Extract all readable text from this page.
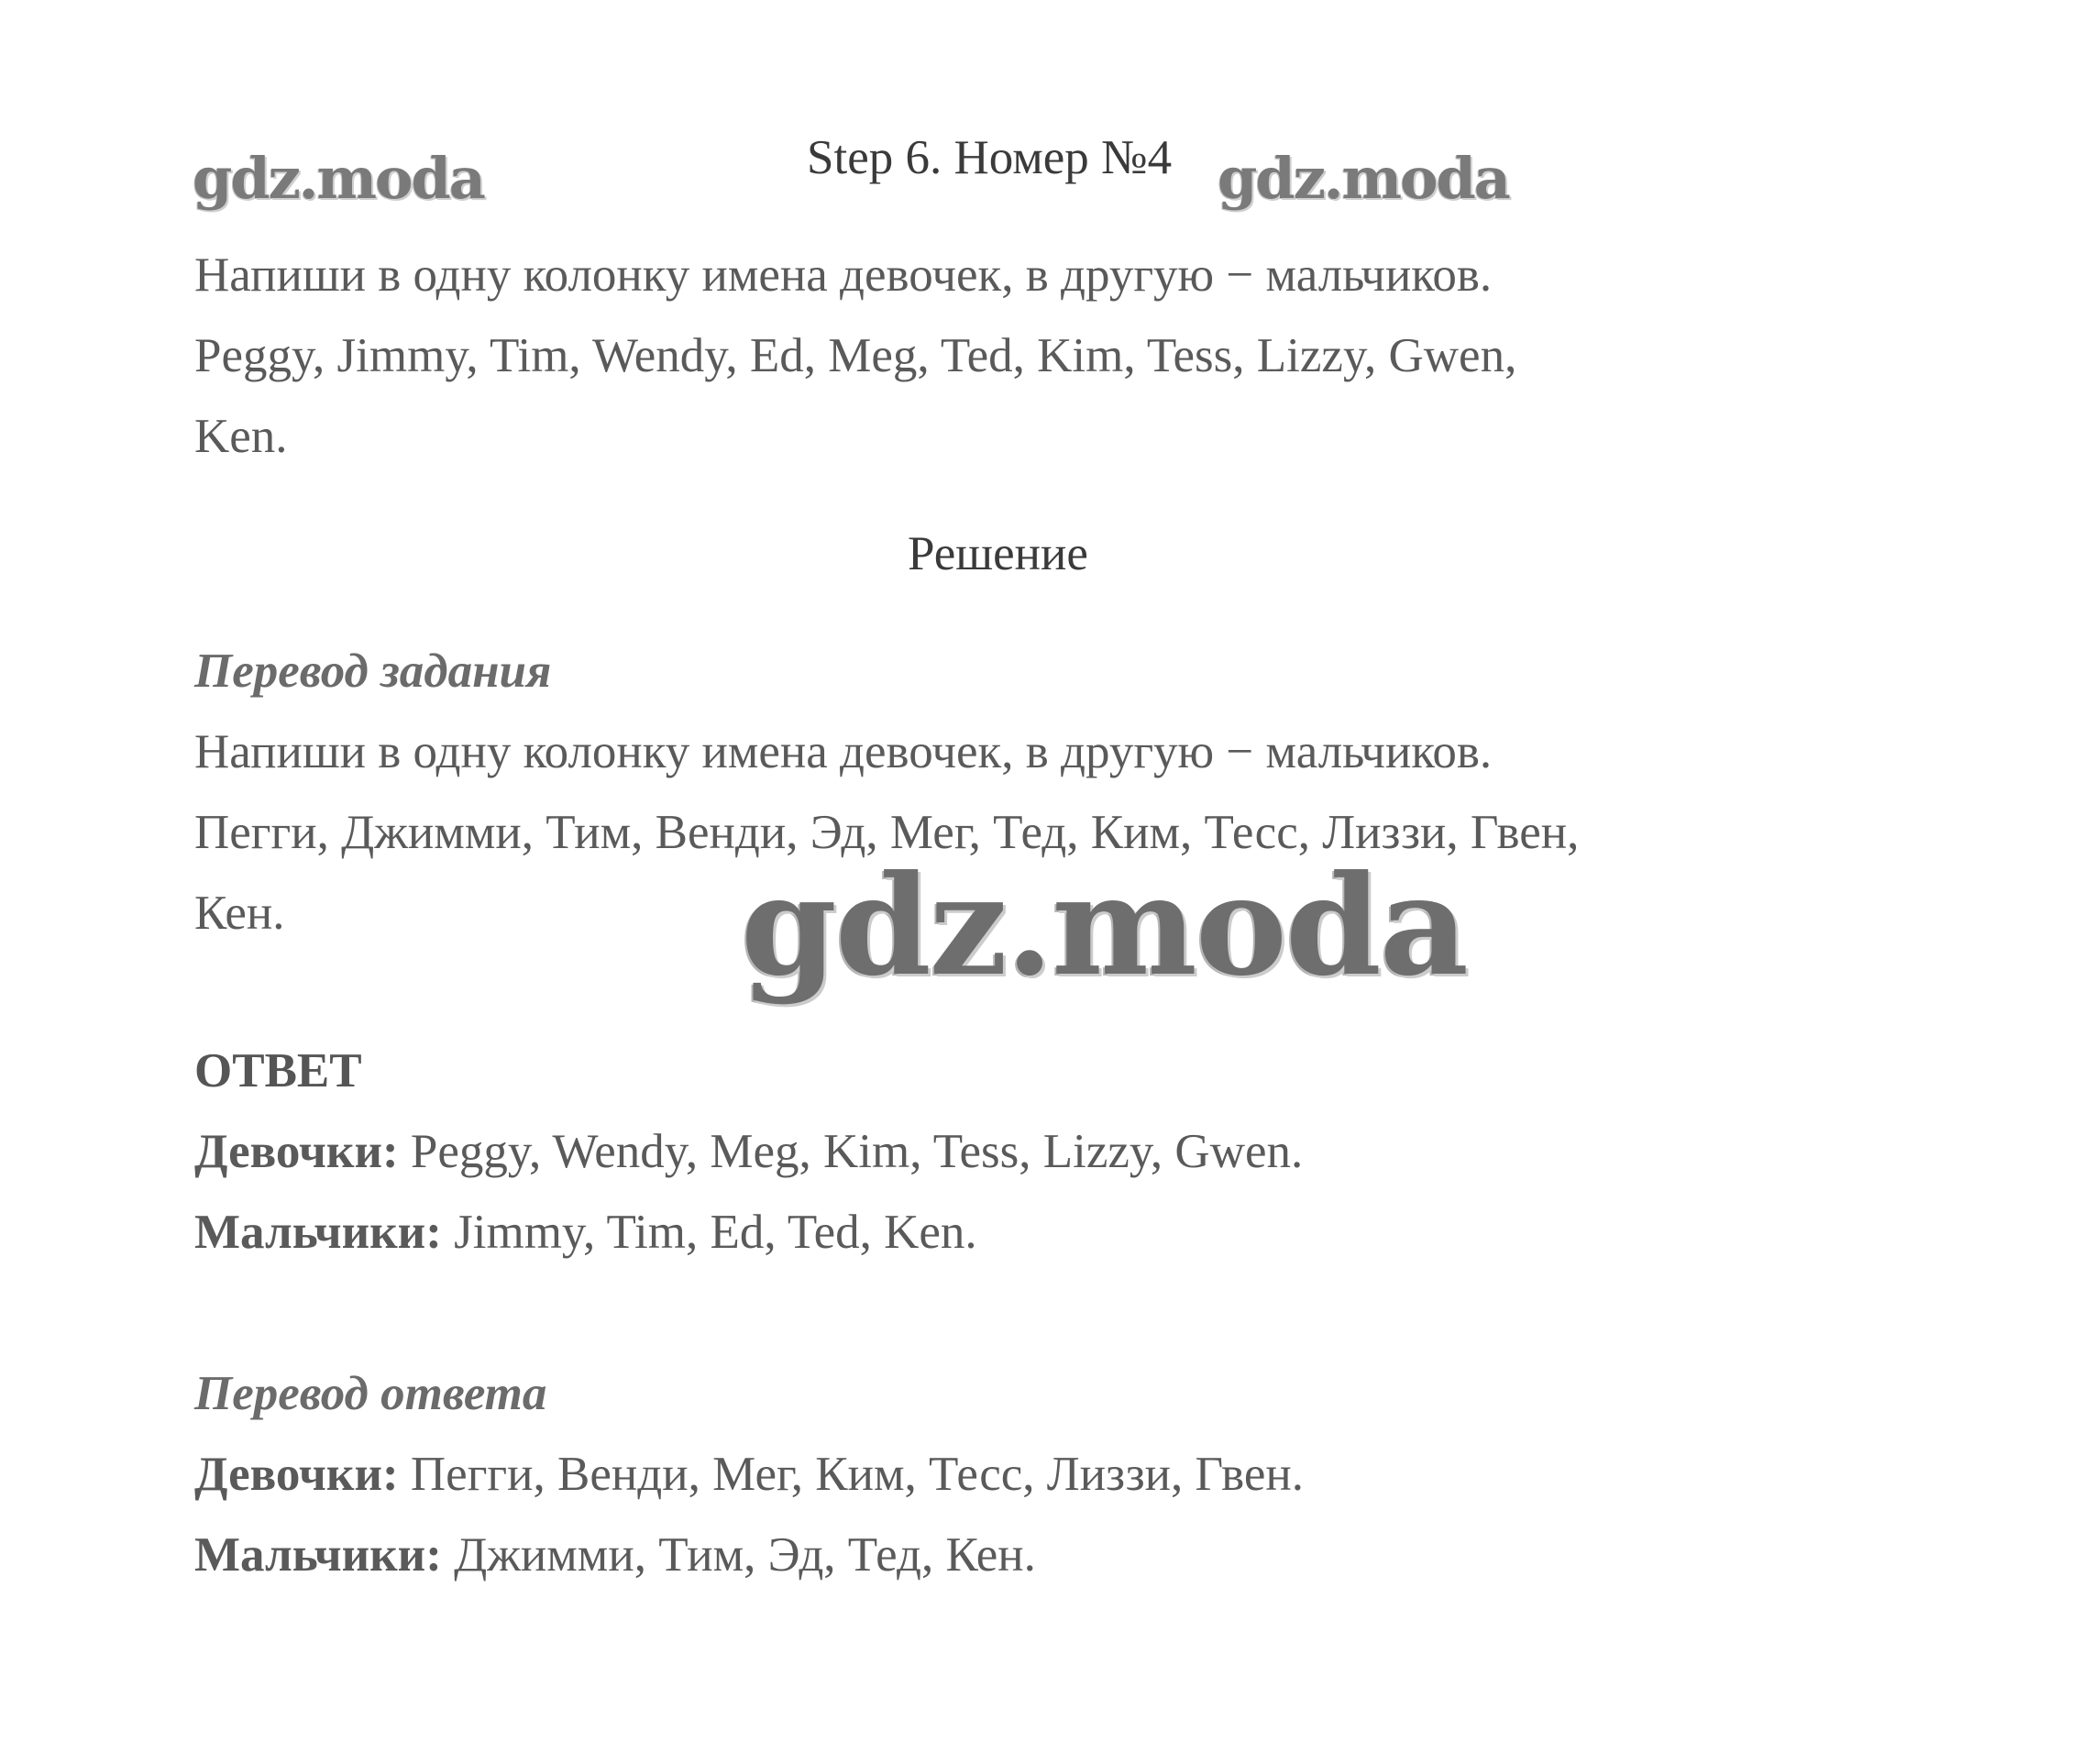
gdz.moda	Step 6. Номер №4 gdz.moda
Напиши в одну колонку имена девочек, в другую − мальчиков.
Peggy, Jimmy, Tim, Wendy, Ed, Meg, Ted, Kim, Tess, Lizzy, Gwen,
Ken.
Решение
Перевод задания
Напиши в одну колонку имена девочек, в другую − мальчиков.
Пегги, Джимми, Тим, Венди, Эд, Мег, Тед, Ким, Тесс, Лиззи, Гвен,
Кен.	gdz.moda
ОТВЕТ
Девочки: Peggy, Wendy, Meg, Kim, Tess, Lizzy, Gwen.
Мальчики: Jimmy, Tim, Ed, Ted, Ken.
Перевод ответа
Девочки: Пегги, Венди, Мег, Ким, Тесс, Лиззи, Гвен.
Мальчики: Джимми, Тим, Эд, Тед, Кен.
